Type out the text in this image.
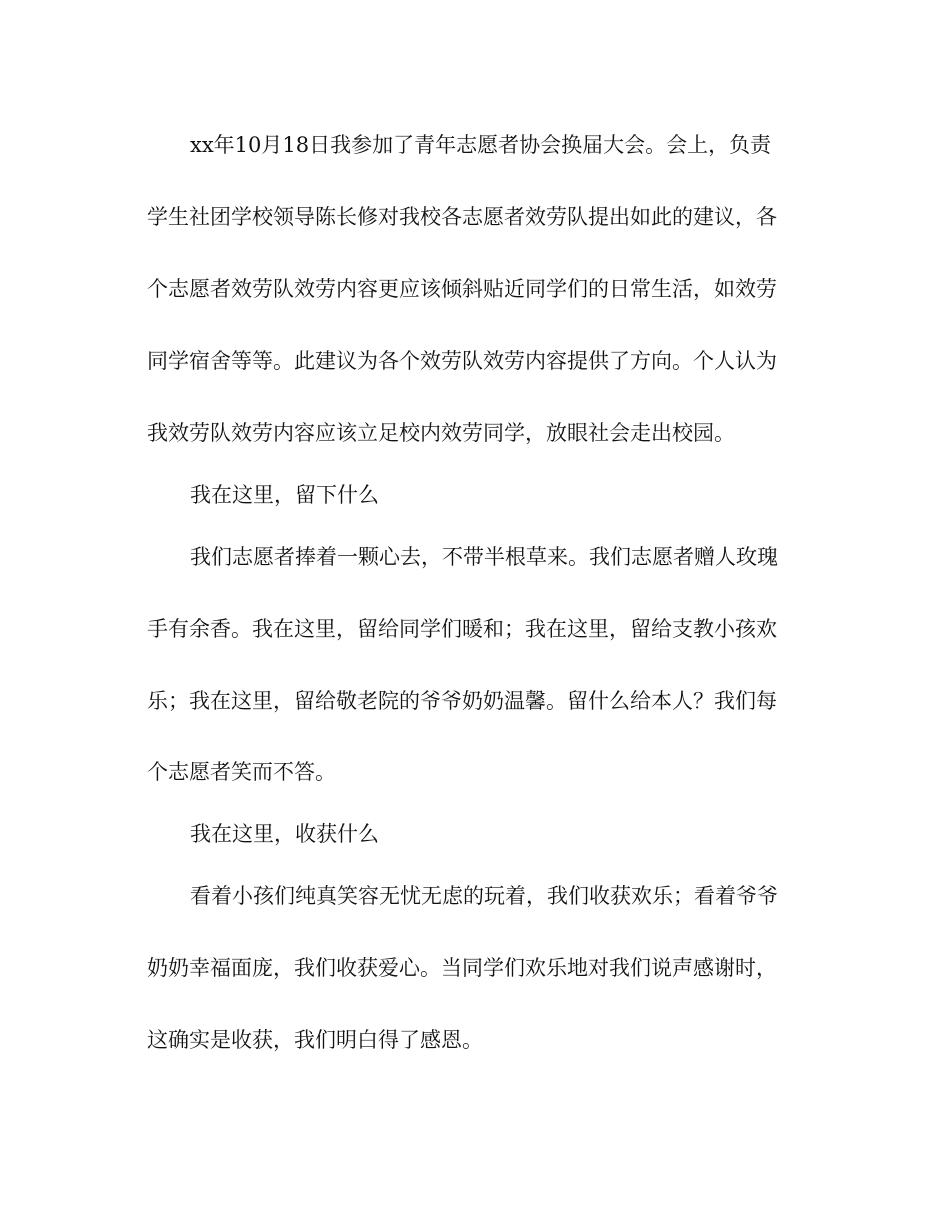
xx年10月18日我参加了青年志愿者协会换届大会。会上，负责
学生社团学校领导陈长修对我校各志愿者效劳队提出如此的建议，各
个志愿者效劳队效劳内容更应该倾斜贴近同学们的日常生活，如效劳
同学宿舍等等。此建议为各个效劳队效劳内容提供了方向。个人认为
我效劳队效劳内容应该立足校内效劳同学，放眼社会走出校园。
我在这里，留下什么
我们志愿者捧着一颗心去，不带半根草来。我们志愿者赠人玫瑰
手有余香。我在这里，留给同学们暖和；我在这里，留给支教小孩欢
乐；我在这里，留给敬老院的爷爷奶奶温馨。留什么给本人？我们每
个志愿者笑而不答。
我在这里，收获什么
看着小孩们纯真笑容无忧无虑的玩着，我们收获欢乐；看着爷爷
奶奶幸福面庞，我们收获爱心。当同学们欢乐地对我们说声感谢时，
这确实是收获，我们明白得了感恩。
